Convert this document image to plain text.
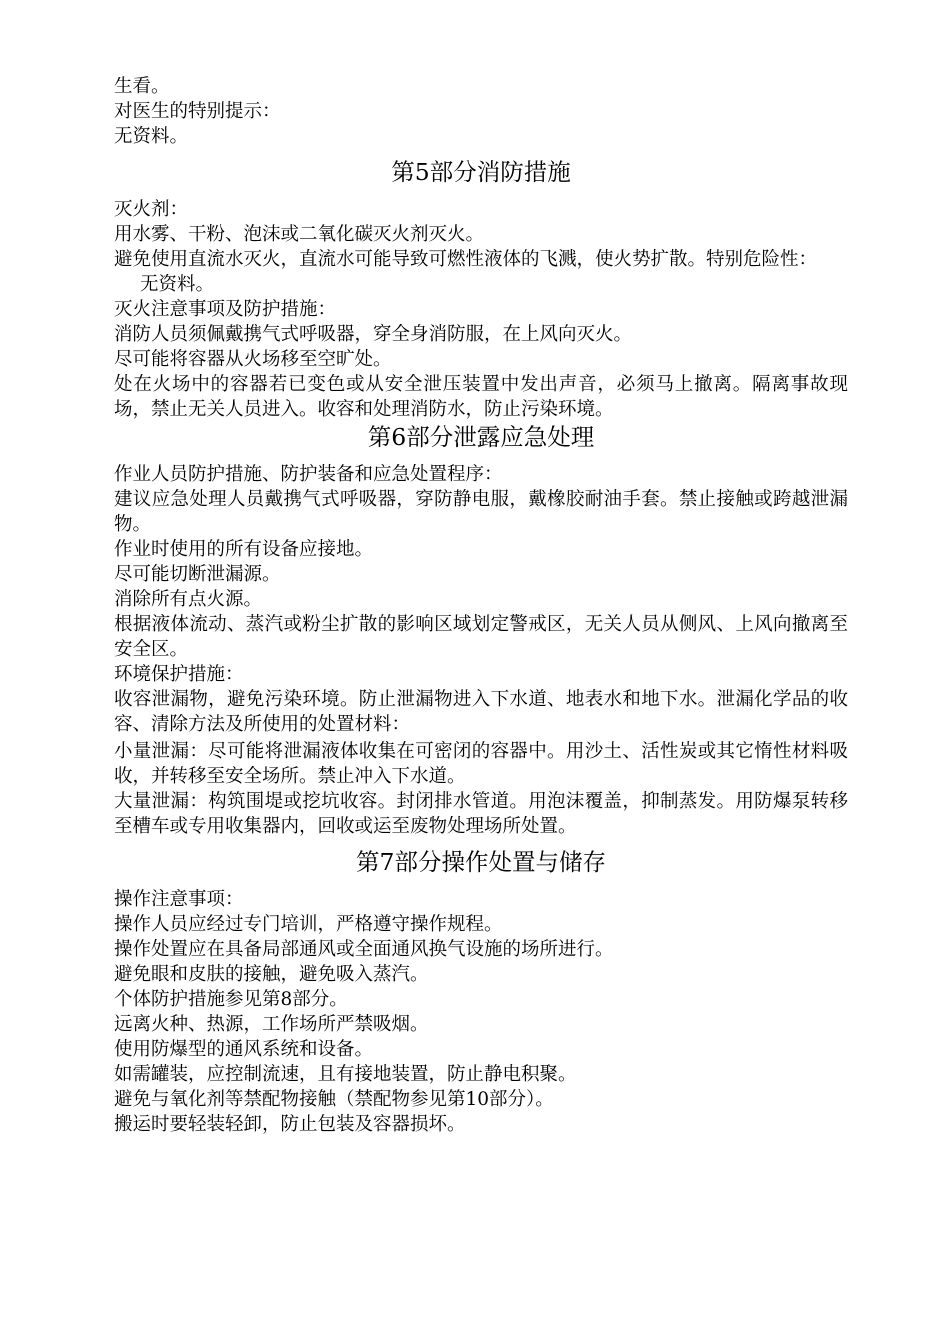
生看。

对医生的特别提示：

无资料。

第5部分消防措施

灭火剂：

用水雾、干粉、泡沫或二氧化碳灭火剂灭火。

避免使用直流水灭火，直流水可能导致可燃性液体的飞溅，使火势扩散。特别危险性：

无资料。

灭火注意事项及防护措施：

消防人员须佩戴携气式呼吸器，穿全身消防服，在上风向灭火。

尽可能将容器从火场移至空旷处。

处在火场中的容器若已变色或从安全泄压装置中发出声音，必须马上撤离。隔离事故现场，禁止无关人员进入。收容和处理消防水，防止污染环境。

第6部分泄露应急处理

作业人员防护措施、防护装备和应急处置程序：

建议应急处理人员戴携气式呼吸器，穿防静电服，戴橡胶耐油手套。禁止接触或跨越泄漏物。

作业时使用的所有设备应接地。

尽可能切断泄漏源。

消除所有点火源。

根据液体流动、蒸汽或粉尘扩散的影响区域划定警戒区，无关人员从侧风、上风向撤离至安全区。

环境保护措施：

收容泄漏物，避免污染环境。防止泄漏物进入下水道、地表水和地下水。泄漏化学品的收容、清除方法及所使用的处置材料：

小量泄漏：尽可能将泄漏液体收集在可密闭的容器中。用沙土、活性炭或其它惰性材料吸收，并转移至安全场所。禁止冲入下水道。

大量泄漏：构筑围堤或挖坑收容。封闭排水管道。用泡沫覆盖，抑制蒸发。用防爆泵转移至槽车或专用收集器内，回收或运至废物处理场所处置。

第7部分操作处置与储存

操作注意事项：

操作人员应经过专门培训，严格遵守操作规程。

操作处置应在具备局部通风或全面通风换气设施的场所进行。

避免眼和皮肤的接触，避免吸入蒸汽。

个体防护措施参见第8部分。

远离火种、热源，工作场所严禁吸烟。

使用防爆型的通风系统和设备。

如需罐装，应控制流速，且有接地装置，防止静电积聚。

避免与氧化剂等禁配物接触（禁配物参见第10部分）。

搬运时要轻装轻卸，防止包装及容器损坏。
